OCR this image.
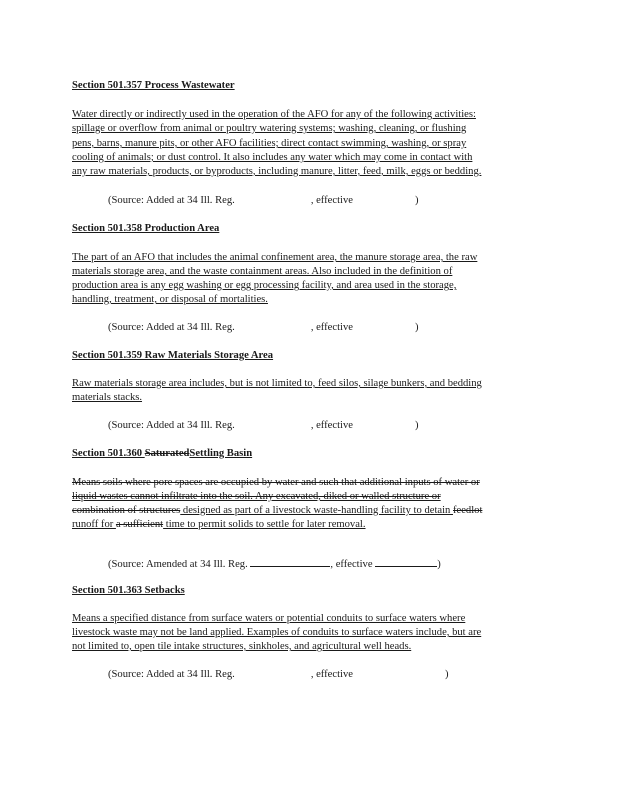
Section 501.357 Process Wastewater
Water directly or indirectly used in the operation of the AFO for any of the following activities:
spillage or overflow from animal or poultry watering systems; washing, cleaning, or flushing
pens, barns, manure pits, or other AFO facilities; direct contact swimming, washing, or spray
cooling of animals; or dust control. It also includes any water which may come in contact with
any raw materials, products, or byproducts, including manure, litter, feed, milk, eggs or bedding.
(Source: Added at 34 Ill. Reg.	, effective	)
Section 501.358 Production Area
The part of an AFO that includes the animal confinement area, the manure storage area, the raw
materials storage area, and the waste containment areas. Also included in the definition of
production area is any egg washing or egg processing facility, and area used in the storage,
handling, treatment, or disposal of mortalities.
(Source: Added at 34 Ill. Reg.	, effective	)
Section 501.359 Raw Materials Storage Area
Raw materials storage area includes, but is not limited to, feed silos, silage bunkers, and bedding
materials stacks.
(Source: Added at 34 Ill. Reg.	, effective	)
Section 501.360 SaturatedSettling Basin
Means soils where pore spaces are occupied by water and such that additional inputs of water or
liquid wastes cannot infiltrate into the soil. Any excavated, diked or walled structure or
combination of structures designed as part of a livestock waste-handling facility to detain feedlot
runoff for a sufficient time to permit solids to settle for later removal.
(Source: Amended at 34 Ill. Reg.	, effective	)
Section 501.363 Setbacks
Means a specified distance from surface waters or potential conduits to surface waters where
livestock waste may not be land applied. Examples of conduits to surface waters include, but are
not limited to, open tile intake structures, sinkholes, and agricultural well heads.
(Source: Added at 34 Ill. Reg.	, effective	)
